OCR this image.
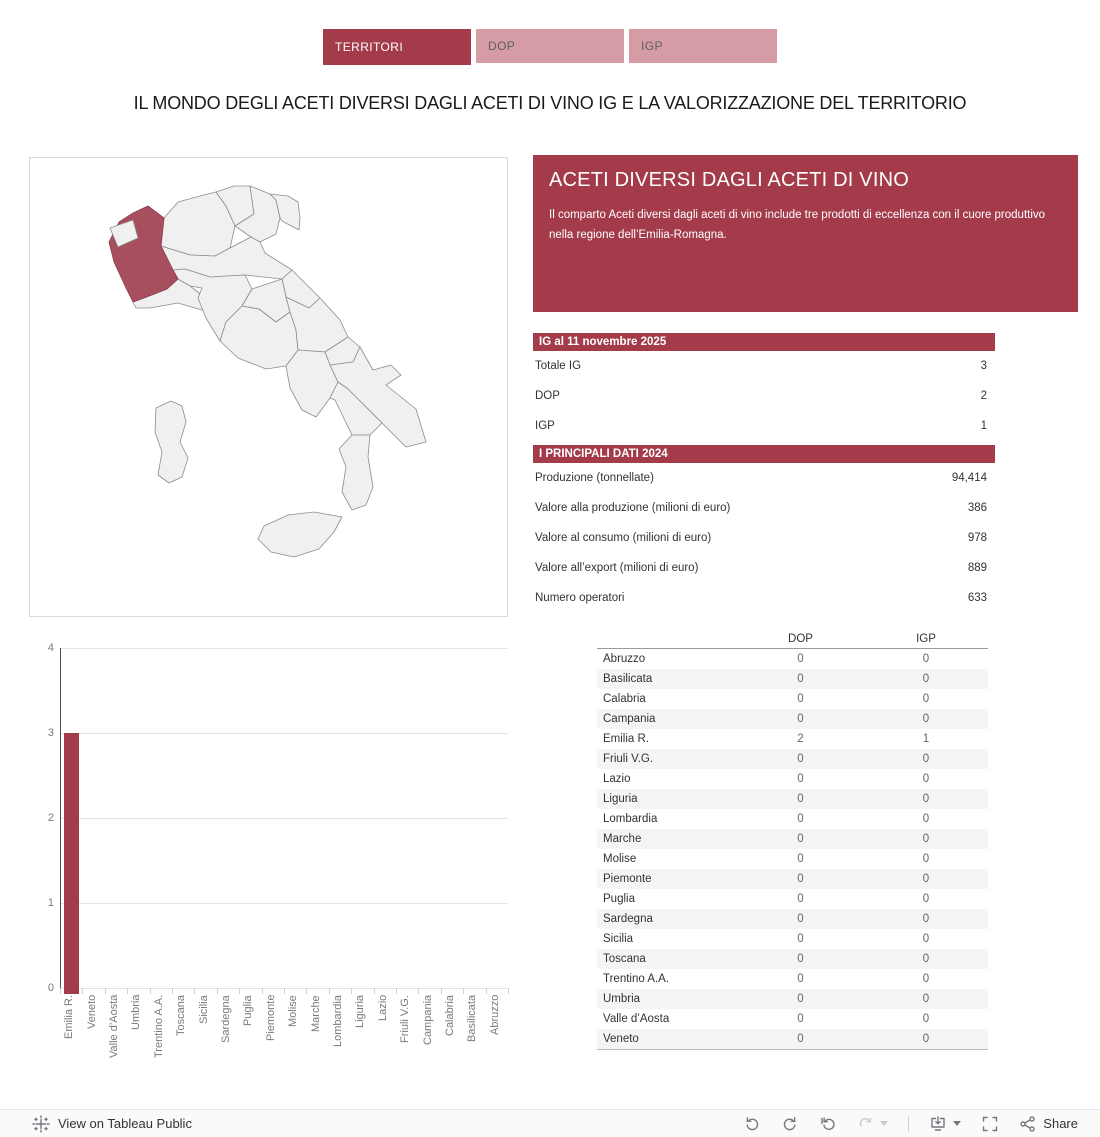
TERRITORI	DOP	IGP
IL MONDO DEGLI ACETI DIVERSI DAGLI ACETI DI VINO IG E LA VALORIZZAZIONE DEL TERRITORIO
ACETI DIVERSI DAGLI ACETI DI VINO

Il comparto Aceti diversi dagli aceti di vino include tre prodotti di eccellenza con il cuore produttivo nella regione dell’Emilia-Romagna.

IG al 11 novembre 2025
Totale IG	3
DOP	2
IGP	1
I PRINCIPALI DATI 2024
Produzione (tonnellate)	94,414
Valore alla produzione (milioni di euro)	386
Valore al consumo (milioni di euro)	978
Valore all’export (milioni di euro)	889
Numero operatori	633
0
1
2
3
4
Emilia R. Veneto Valle d’Aosta Umbria Trentino A.A. Toscana Sicilia Sardegna Puglia Piemonte Molise Marche Lombardia Liguria Lazio Friuli V.G. Campania Calabria Basilicata Abruzzo
DOP	IGP
Abruzzo	0	0
Basilicata	0	0
Calabria	0	0
Campania	0	0
Emilia R.	2	1
Friuli V.G.	0	0
Lazio	0	0
Liguria	0	0
Lombardia	0	0
Marche	0	0
Molise	0	0
Piemonte	0	0
Puglia	0	0
Sardegna	0	0
Sicilia	0	0
Toscana	0	0
Trentino A.A.	0	0
Umbria	0	0
Valle d’Aosta	0	0
Veneto	0	0
View on Tableau Public	Share
